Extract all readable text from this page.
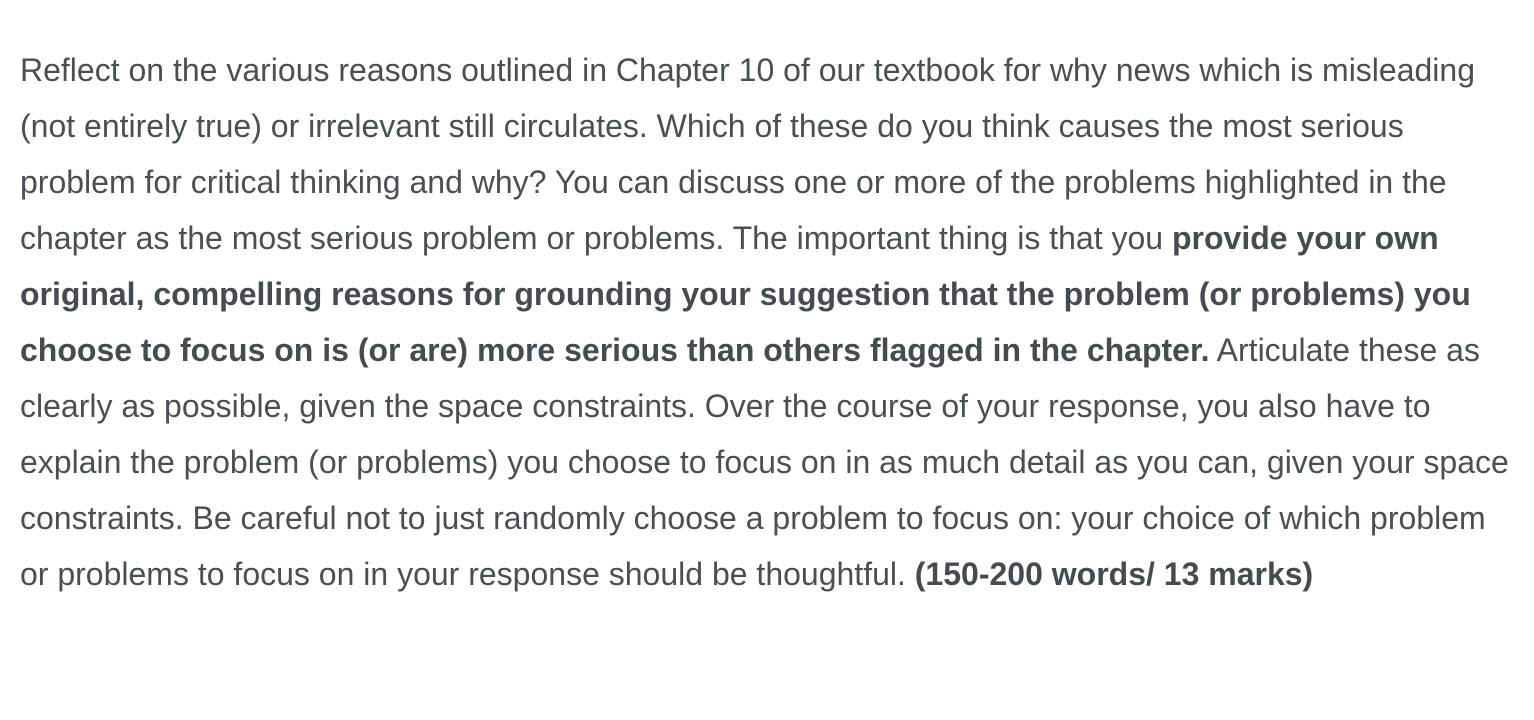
Reflect on the various reasons outlined in Chapter 10 of our textbook for why news which is misleading (not entirely true) or irrelevant still circulates. Which of these do you think causes the most serious problem for critical thinking and why? You can discuss one or more of the problems highlighted in the chapter as the most serious problem or problems. The important thing is that you provide your own original, compelling reasons for grounding your suggestion that the problem (or problems) you choose to focus on is (or are) more serious than others flagged in the chapter. Articulate these as clearly as possible, given the space constraints. Over the course of your response, you also have to explain the problem (or problems) you choose to focus on in as much detail as you can, given your space constraints. Be careful not to just randomly choose a problem to focus on: your choice of which problem or problems to focus on in your response should be thoughtful. (150-200 words/ 13 marks)
